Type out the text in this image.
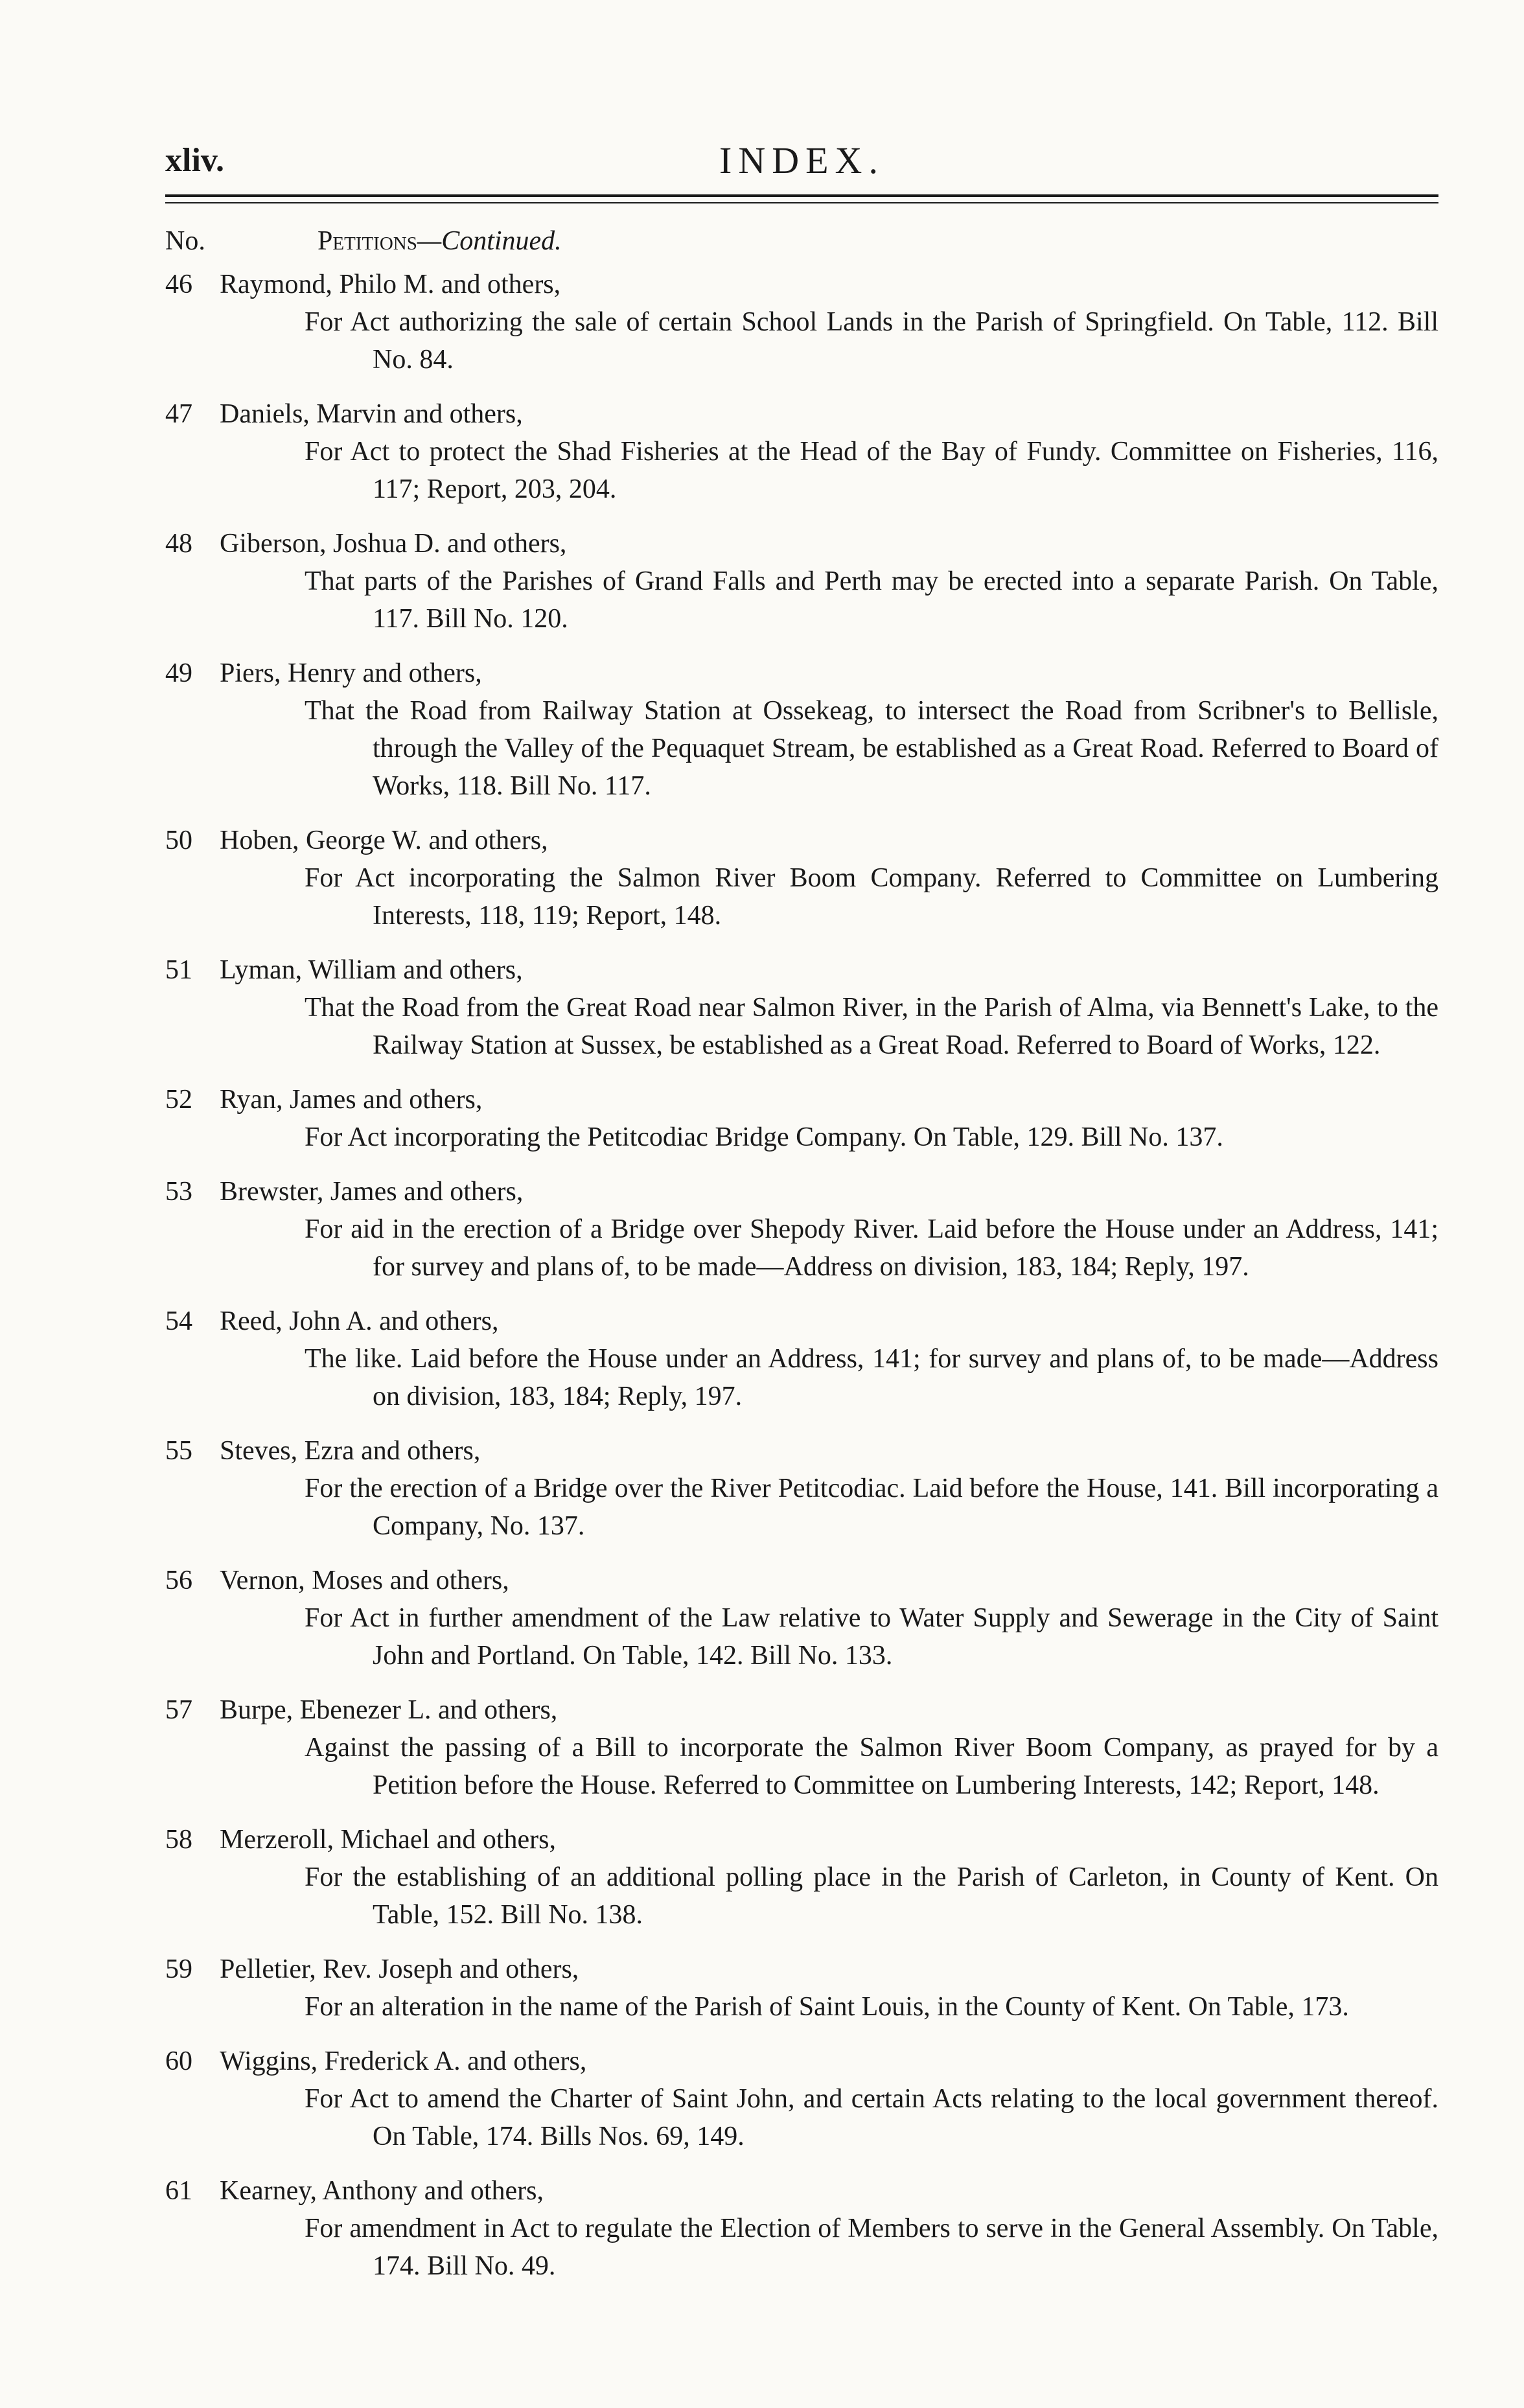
xliv.	INDEX.
No.	Petitions—Continued.
46	Raymond, Philo M. and others,
For Act authorizing the sale of certain School Lands in the Parish of Springfield. On Table, 112. Bill No. 84.
47	Daniels, Marvin and others,
For Act to protect the Shad Fisheries at the Head of the Bay of Fundy. Committee on Fisheries, 116, 117; Report, 203, 204.
48	Giberson, Joshua D. and others,
That parts of the Parishes of Grand Falls and Perth may be erected into a separate Parish. On Table, 117. Bill No. 120.
49	Piers, Henry and others,
That the Road from Railway Station at Ossekeag, to intersect the Road from Scribner's to Bellisle, through the Valley of the Pequaquet Stream, be established as a Great Road. Referred to Board of Works, 118. Bill No. 117.
50	Hoben, George W. and others,
For Act incorporating the Salmon River Boom Company. Referred to Committee on Lumbering Interests, 118, 119; Report, 148.
51	Lyman, William and others,
That the Road from the Great Road near Salmon River, in the Parish of Alma, via Bennett's Lake, to the Railway Station at Sussex, be established as a Great Road. Referred to Board of Works, 122.
52	Ryan, James and others,
For Act incorporating the Petitcodiac Bridge Company. On Table, 129. Bill No. 137.
53	Brewster, James and others,
For aid in the erection of a Bridge over Shepody River. Laid before the House under an Address, 141; for survey and plans of, to be made—Address on division, 183, 184; Reply, 197.
54	Reed, John A. and others,
The like. Laid before the House under an Address, 141; for survey and plans of, to be made—Address on division, 183, 184; Reply, 197.
55	Steves, Ezra and others,
For the erection of a Bridge over the River Petitcodiac. Laid before the House, 141. Bill incorporating a Company, No. 137.
56	Vernon, Moses and others,
For Act in further amendment of the Law relative to Water Supply and Sewerage in the City of Saint John and Portland. On Table, 142. Bill No. 133.
57	Burpe, Ebenezer L. and others,
Against the passing of a Bill to incorporate the Salmon River Boom Company, as prayed for by a Petition before the House. Referred to Committee on Lumbering Interests, 142; Report, 148.
58	Merzeroll, Michael and others,
For the establishing of an additional polling place in the Parish of Carleton, in County of Kent. On Table, 152. Bill No. 138.
59	Pelletier, Rev. Joseph and others,
For an alteration in the name of the Parish of Saint Louis, in the County of Kent. On Table, 173.
60	Wiggins, Frederick A. and others,
For Act to amend the Charter of Saint John, and certain Acts relating to the local government thereof. On Table, 174. Bills Nos. 69, 149.
61	Kearney, Anthony and others,
For amendment in Act to regulate the Election of Members to serve in the General Assembly. On Table, 174. Bill No. 49.
